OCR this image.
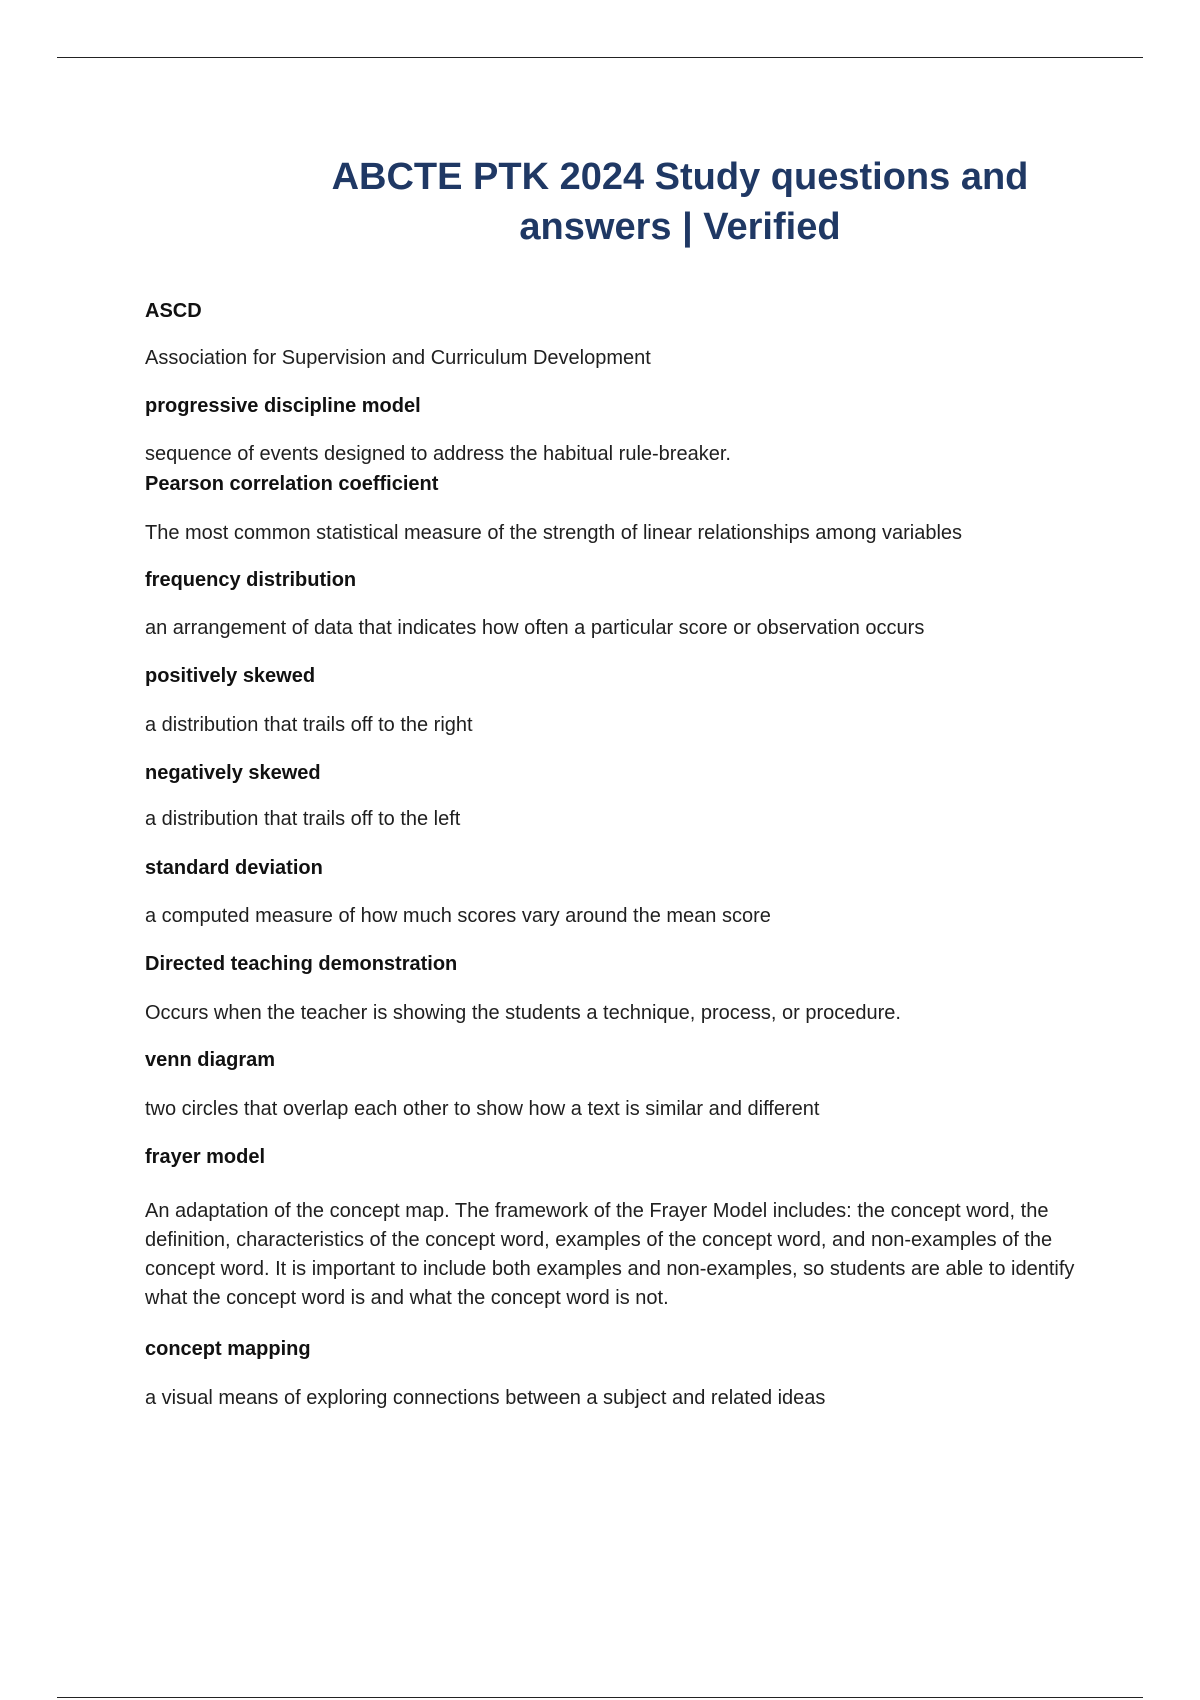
ABCTE PTK 2024 Study questions and
answers | Verified
ASCD
Association for Supervision and Curriculum Development
progressive discipline model
sequence of events designed to address the habitual rule-breaker.
Pearson correlation coefficient
The most common statistical measure of the strength of linear relationships among variables
frequency distribution
an arrangement of data that indicates how often a particular score or observation occurs
positively skewed
a distribution that trails off to the right
negatively skewed
a distribution that trails off to the left
standard deviation
a computed measure of how much scores vary around the mean score
Directed teaching demonstration
Occurs when the teacher is showing the students a technique, process, or procedure.
venn diagram
two circles that overlap each other to show how a text is similar and different
frayer model
An adaptation of the concept map. The framework of the Frayer Model includes: the concept word, the definition, characteristics of the concept word, examples of the concept word, and non-examples of the concept word. It is important to include both examples and non-examples, so students are able to identify what the concept word is and what the concept word is not.
concept mapping
a visual means of exploring connections between a subject and related ideas
